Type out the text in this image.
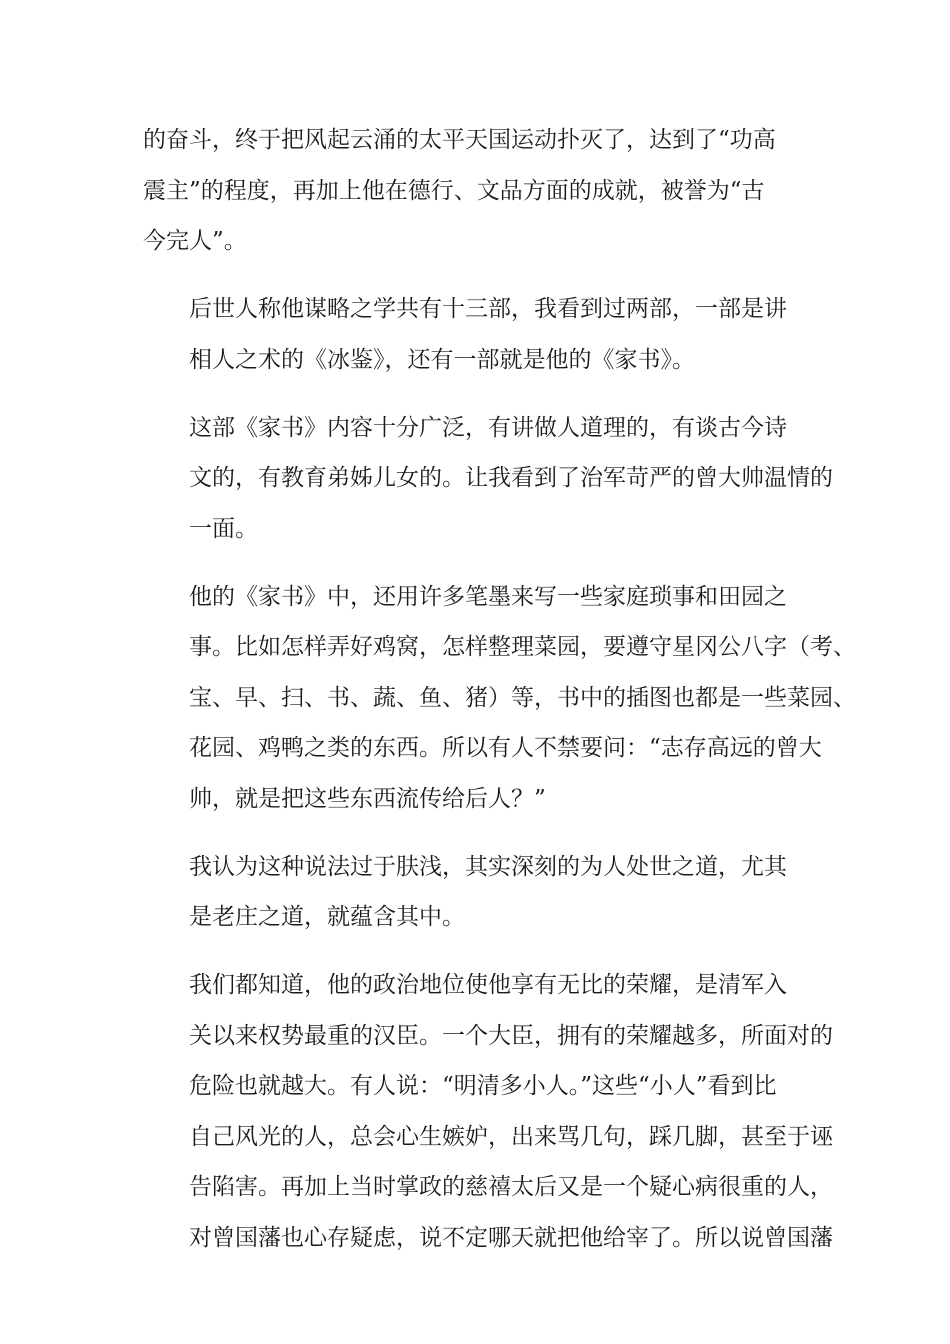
的奋斗，终于把风起云涌的太平天国运动扑灭了，达到了“功高
震主”的程度，再加上他在德行、文品方面的成就，被誉为“古
今完人”。

后世人称他谋略之学共有十三部，我看到过两部，一部是讲
相人之术的《冰鉴》，还有一部就是他的《家书》。

这部《家书》内容十分广泛，有讲做人道理的，有谈古今诗
文的，有教育弟姊儿女的。让我看到了治军苛严的曾大帅温情的
一面。

他的《家书》中，还用许多笔墨来写一些家庭琐事和田园之
事。比如怎样弄好鸡窝，怎样整理菜园，要遵守星冈公八字（考、
宝、早、扫、书、蔬、鱼、猪）等，书中的插图也都是一些菜园、
花园、鸡鸭之类的东西。所以有人不禁要问：“志存高远的曾大
帅，就是把这些东西流传给后人？”

我认为这种说法过于肤浅，其实深刻的为人处世之道，尤其
是老庄之道，就蕴含其中。

我们都知道，他的政治地位使他享有无比的荣耀，是清军入
关以来权势最重的汉臣。一个大臣，拥有的荣耀越多，所面对的
危险也就越大。有人说：“明清多小人。”这些“小人”看到比
自己风光的人，总会心生嫉妒，出来骂几句，踩几脚，甚至于诬
告陷害。再加上当时掌政的慈禧太后又是一个疑心病很重的人，
对曾国藩也心存疑虑，说不定哪天就把他给宰了。所以说曾国藩
